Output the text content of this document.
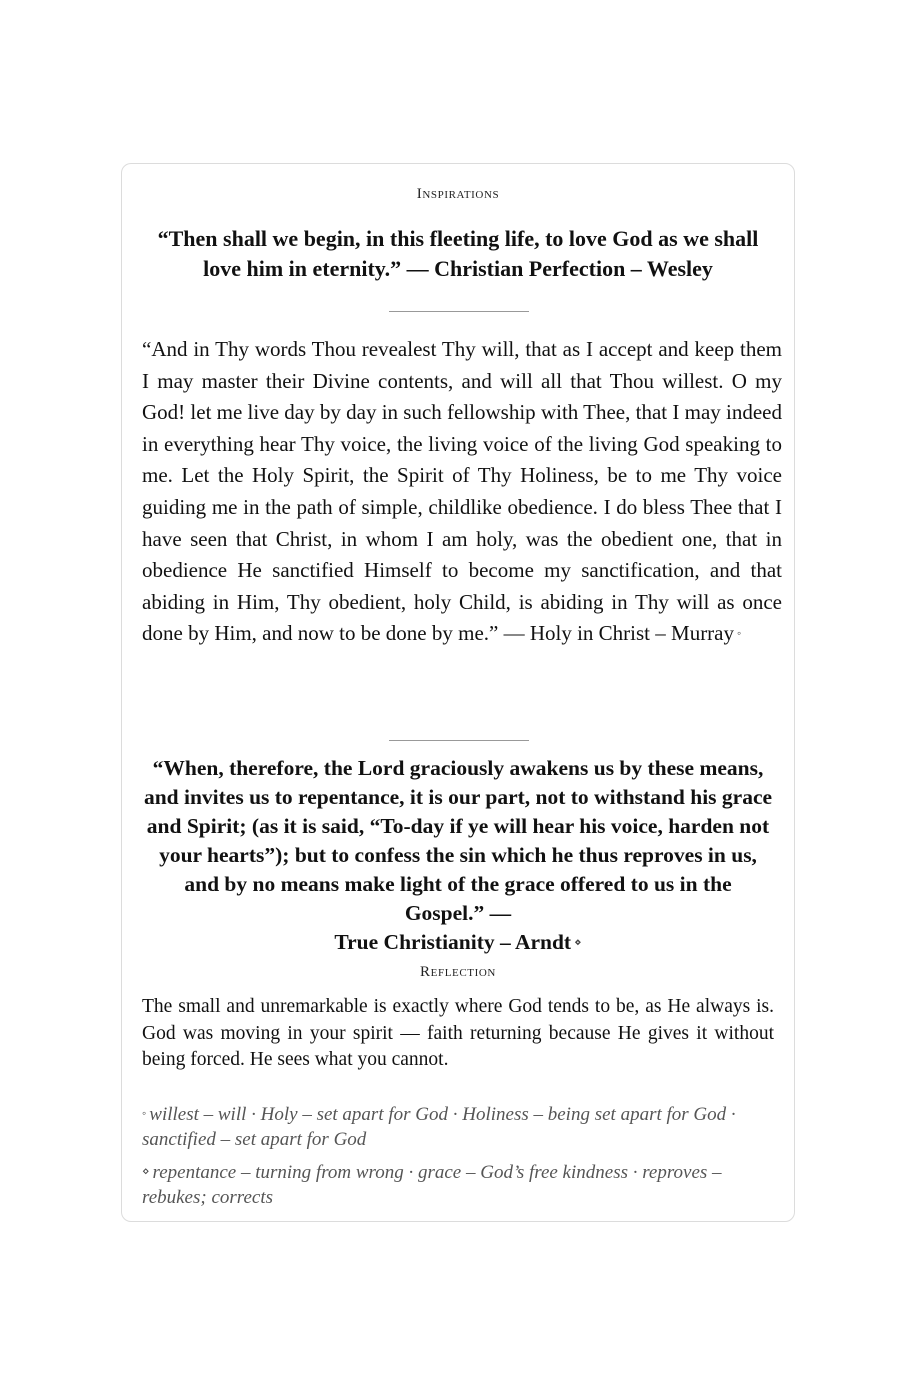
Inspirations
“Then shall we begin, in this fleeting life, to love God as we shall love him in eternity.” — Christian Perfection – Wesley
“And in Thy words Thou revealest Thy will, that as I accept and keep them I may master their Divine contents, and will all that Thou willest. O my God! let me live day by day in such fellowship with Thee, that I may indeed in everything hear Thy voice, the living voice of the living God speaking to me. Let the Holy Spirit, the Spirit of Thy Holiness, be to me Thy voice guiding me in the path of simple, childlike obedience. I do bless Thee that I have seen that Christ, in whom I am holy, was the obedient one, that in obedience He sanctified Himself to become my sanctification, and that abiding in Him, Thy obedient, holy Child, is abiding in Thy will as once done by Him, and now to be done by me.” — Holy in Christ – Murray ◦
“When, therefore, the Lord graciously awakens us by these means, and invites us to repentance, it is our part, not to withstand his grace and Spirit; (as it is said, “To-day if ye will hear his voice, harden not your hearts”); but to confess the sin which he thus reproves in us, and by no means make light of the grace offered to us in the Gospel.” —
True Christianity – Arndt ⋄
Reflection
The small and unremarkable is exactly where God tends to be, as He always is. God was moving in your spirit — faith returning because He gives it without being forced. He sees what you cannot.
◦ willest – will · Holy – set apart for God · Holiness – being set apart for God · sanctified – set apart for God
⋄ repentance – turning from wrong · grace – God’s free kindness · reproves – rebukes; corrects
